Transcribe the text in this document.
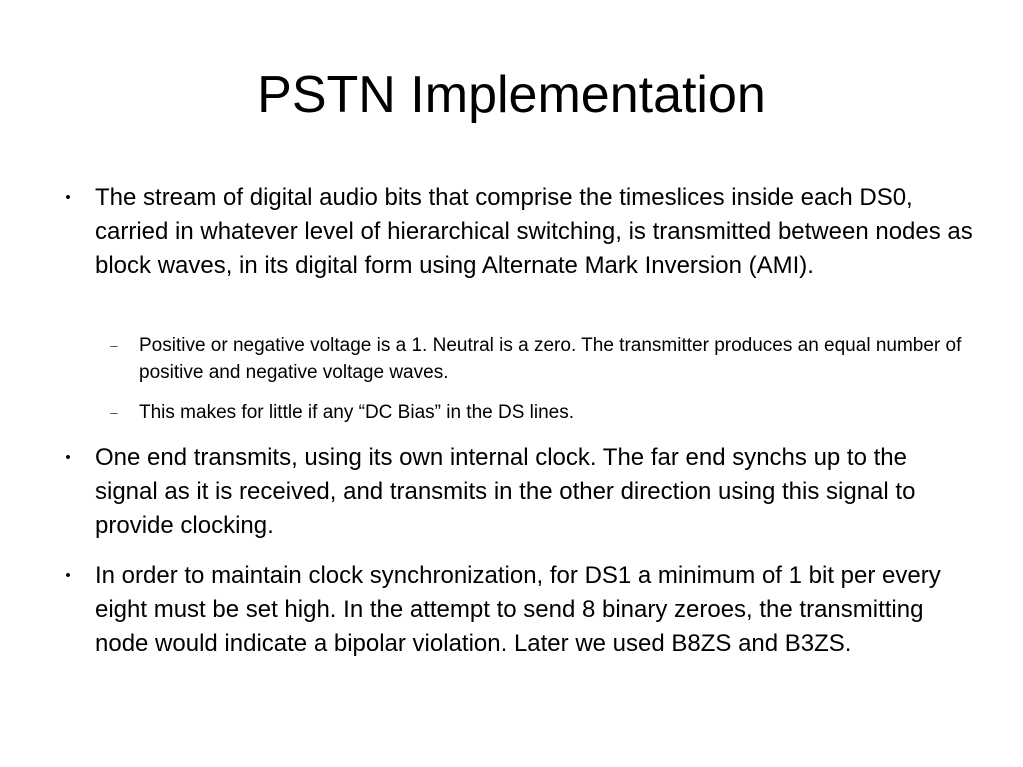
PSTN Implementation
• The stream of digital audio bits that comprise the timeslices inside each DS0, carried in whatever level of hierarchical switching, is transmitted between nodes as block waves, in its digital form using Alternate Mark Inversion (AMI).
– Positive or negative voltage is a 1. Neutral is a zero. The transmitter produces an equal number of positive and negative voltage waves.
– This makes for little if any “DC Bias” in the DS lines.
• One end transmits, using its own internal clock. The far end synchs up to the signal as it is received, and transmits in the other direction using this signal to provide clocking.
• In order to maintain clock synchronization, for DS1 a minimum of 1 bit per every eight must be set high. In the attempt to send 8 binary zeroes, the transmitting node would indicate a bipolar violation. Later we used B8ZS and B3ZS.
